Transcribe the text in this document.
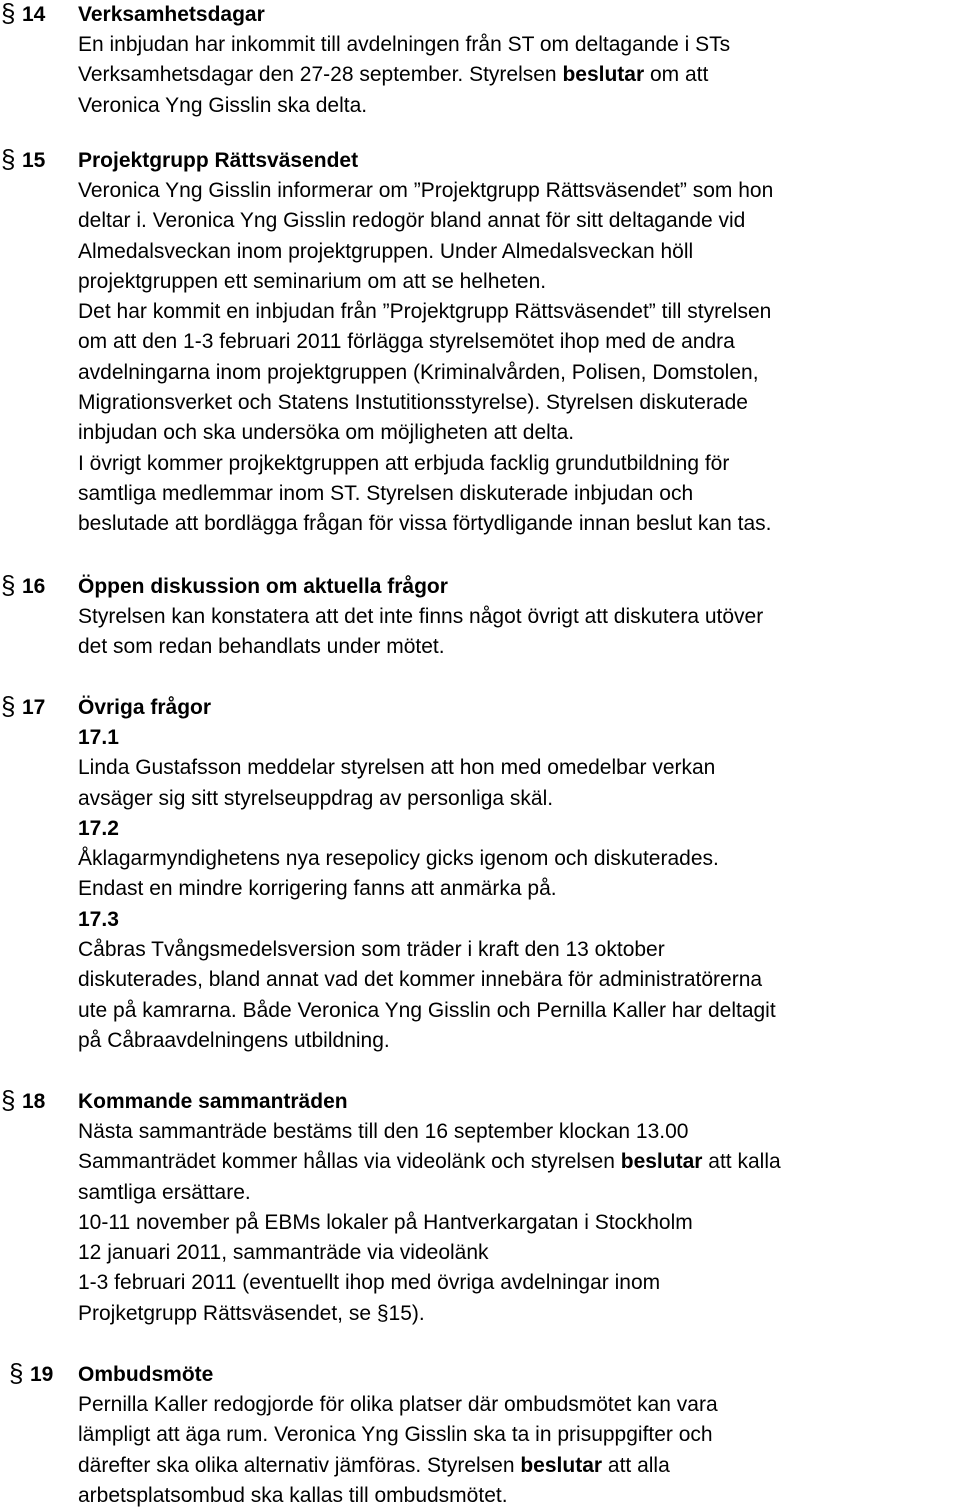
§ 14 Verksamhetsdagar
En inbjudan har inkommit till avdelningen från ST om deltagande i STs
Verksamhetsdagar den 27-28 september. Styrelsen beslutar om att
Veronica Yng Gisslin ska delta.
§ 15 Projektgrupp Rättsväsendet
Veronica Yng Gisslin informerar om ”Projektgrupp Rättsväsendet” som hon
deltar i. Veronica Yng Gisslin redogör bland annat för sitt deltagande vid
Almedalsveckan inom projektgruppen. Under Almedalsveckan höll
projektgruppen ett seminarium om att se helheten.
Det har kommit en inbjudan från ”Projektgrupp Rättsväsendet” till styrelsen
om att den 1-3 februari 2011 förlägga styrelsemötet ihop med de andra
avdelningarna inom projektgruppen (Kriminalvården, Polisen, Domstolen,
Migrationsverket och Statens Instutitionsstyrelse). Styrelsen diskuterade
inbjudan och ska undersöka om möjligheten att delta.
I övrigt kommer projkektgruppen att erbjuda facklig grundutbildning för
samtliga medlemmar inom ST. Styrelsen diskuterade inbjudan och
beslutade att bordlägga frågan för vissa förtydligande innan beslut kan tas.
§ 16 Öppen diskussion om aktuella frågor
Styrelsen kan konstatera att det inte finns något övrigt att diskutera utöver
det som redan behandlats under mötet.
§ 17 Övriga frågor
17.1
Linda Gustafsson meddelar styrelsen att hon med omedelbar verkan
avsäger sig sitt styrelseuppdrag av personliga skäl.
17.2
Åklagarmyndighetens nya resepolicy gicks igenom och diskuterades.
Endast en mindre korrigering fanns att anmärka på.
17.3
Cåbras Tvångsmedelsversion som träder i kraft den 13 oktober
diskuterades, bland annat vad det kommer innebära för administratörerna
ute på kamrarna. Både Veronica Yng Gisslin och Pernilla Kaller har deltagit
på Cåbraavdelningens utbildning.
§ 18 Kommande sammanträden
Nästa sammanträde bestäms till den 16 september klockan 13.00
Sammanträdet kommer hållas via videolänk och styrelsen beslutar att kalla
samtliga ersättare.
10-11 november på EBMs lokaler på Hantverkargatan i Stockholm
12 januari 2011, sammanträde via videolänk
1-3 februari 2011 (eventuellt ihop med övriga avdelningar inom
Projketgrupp Rättsväsendet, se §15).
§ 19 Ombudsmöte
Pernilla Kaller redogjorde för olika platser där ombudsmötet kan vara
lämpligt att äga rum. Veronica Yng Gisslin ska ta in prisuppgifter och
därefter ska olika alternativ jämföras. Styrelsen beslutar att alla
arbetsplatsombud ska kallas till ombudsmötet.
